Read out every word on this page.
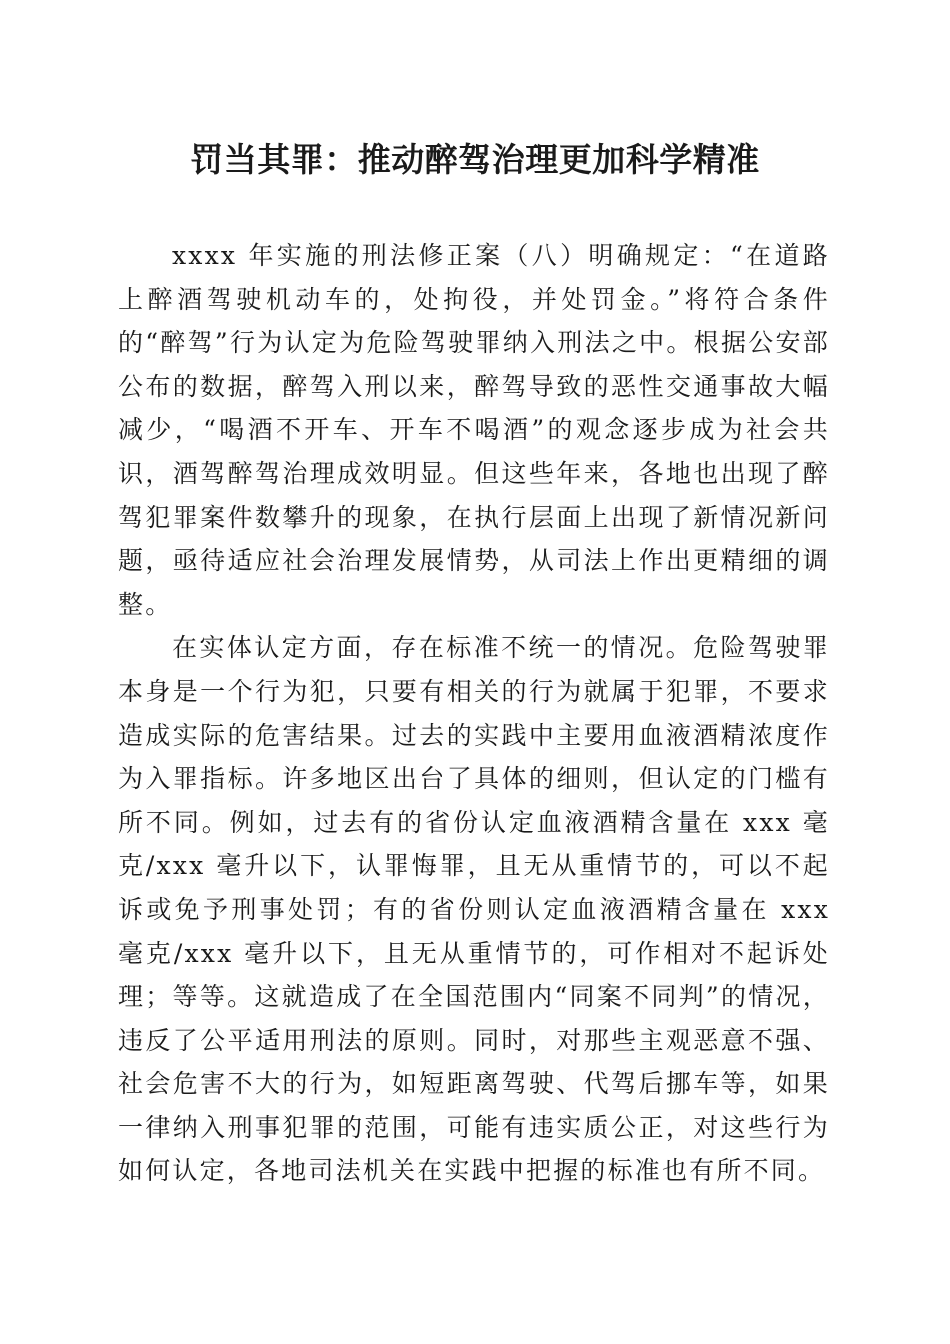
罚当其罪：推动醉驾治理更加科学精准

xxxx 年实施的刑法修正案（八）明确规定：“在道路上醉酒驾驶机动车的，处拘役，并处罚金。”将符合条件的“醉驾”行为认定为危险驾驶罪纳入刑法之中。根据公安部公布的数据，醉驾入刑以来，醉驾导致的恶性交通事故大幅减少，“喝酒不开车、开车不喝酒”的观念逐步成为社会共识，酒驾醉驾治理成效明显。但这些年来，各地也出现了醉驾犯罪案件数攀升的现象，在执行层面上出现了新情况新问题，亟待适应社会治理发展情势，从司法上作出更精细的调整。

在实体认定方面，存在标准不统一的情况。危险驾驶罪本身是一个行为犯，只要有相关的行为就属于犯罪，不要求造成实际的危害结果。过去的实践中主要用血液酒精浓度作为入罪指标。许多地区出台了具体的细则，但认定的门槛有所不同。例如，过去有的省份认定血液酒精含量在 xxx 毫克/xxx 毫升以下，认罪悔罪，且无从重情节的，可以不起诉或免予刑事处罚；有的省份则认定血液酒精含量在 xxx 毫克/xxx 毫升以下，且无从重情节的，可作相对不起诉处理；等等。这就造成了在全国范围内“同案不同判”的情况，违反了公平适用刑法的原则。同时，对那些主观恶意不强、社会危害不大的行为，如短距离驾驶、代驾后挪车等，如果一律纳入刑事犯罪的范围，可能有违实质公正，对这些行为如何认定，各地司法机关在实践中把握的标准也有所不同。
